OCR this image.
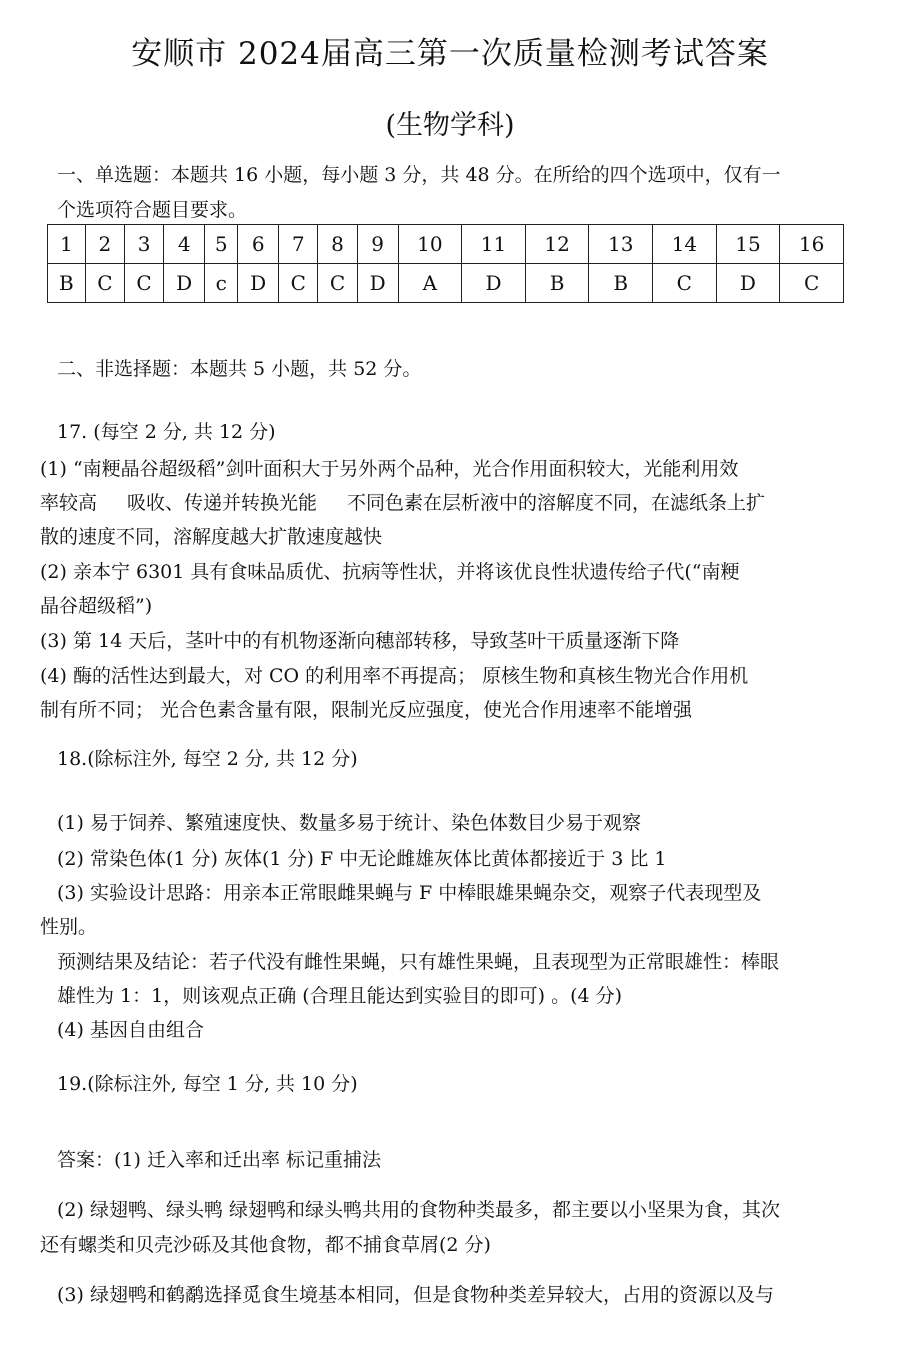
安顺市 2024届高三第一次质量检测考试答案
(生物学科)
一、单选题：本题共 16 小题，每小题 3 分，共 48 分。在所给的四个选项中，仅有一
个选项符合题目要求。
1	2	3	4	5	6	7	8	9	10	11	12	13	14	15	16
B	C	C	D	c	D	C	C	D	A	D	B	B	C	D	C
二、非选择题：本题共 5 小题，共 52 分。
17. (每空 2 分, 共 12 分)
(1) “南粳晶谷超级稻”剑叶面积大于另外两个品种，光合作用面积较大，光能利用效
率较高 吸收、传递并转换光能 不同色素在层析液中的溶解度不同，在滤纸条上扩
散的速度不同，溶解度越大扩散速度越快
(2) 亲本宁 6301 具有食味品质优、抗病等性状，并将该优良性状遗传给子代(“南粳
晶谷超级稻”)
(3) 第 14 天后，茎叶中的有机物逐渐向穗部转移，导致茎叶干质量逐渐下降
(4) 酶的活性达到最大，对 CO 的利用率不再提高； 原核生物和真核生物光合作用机
制有所不同； 光合色素含量有限，限制光反应强度，使光合作用速率不能增强
18.(除标注外, 每空 2 分, 共 12 分)
(1) 易于饲养、繁殖速度快、数量多易于统计、染色体数目少易于观察
(2) 常染色体(1 分) 灰体(1 分) F 中无论雌雄灰体比黄体都接近于 3 比 1
(3) 实验设计思路：用亲本正常眼雌果蝇与 F 中棒眼雄果蝇杂交，观察子代表现型及
性别。
预测结果及结论：若子代没有雌性果蝇，只有雄性果蝇，且表现型为正常眼雄性：棒眼
雄性为 1：1，则该观点正确 (合理且能达到实验目的即可) 。(4 分)
(4) 基因自由组合
19.(除标注外, 每空 1 分, 共 10 分)
答案：(1) 迁入率和迁出率 标记重捕法
(2) 绿翅鸭、绿头鸭 绿翅鸭和绿头鸭共用的食物种类最多，都主要以小坚果为食，其次
还有螺类和贝壳沙砾及其他食物，都不捕食草屑(2 分)
(3) 绿翅鸭和鹤鹬选择觅食生境基本相同，但是食物种类差异较大，占用的资源以及与
